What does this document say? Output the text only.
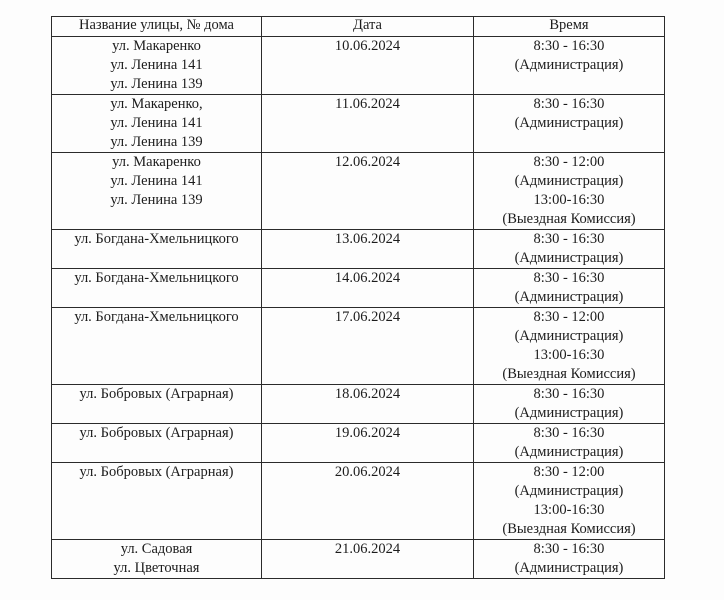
Название улицы, № дома	Дата	Время

ул. Макаренко
ул. Ленина 141
ул. Ленина 139	10.06.2024	8:30 - 16:30
(Администрация)

ул. Макаренко,
ул. Ленина 141
ул. Ленина 139	11.06.2024	8:30 - 16:30
(Администрация)

ул. Макаренко
ул. Ленина 141
ул. Ленина 139	12.06.2024	8:30 - 12:00
(Администрация)
13:00-16:30
(Выездная Комиссия)

ул. Богдана-Хмельницкого	13.06.2024	8:30 - 16:30
(Администрация)

ул. Богдана-Хмельницкого	14.06.2024	8:30 - 16:30
(Администрация)

ул. Богдана-Хмельницкого	17.06.2024	8:30 - 12:00
(Администрация)
13:00-16:30
(Выездная Комиссия)

ул. Бобровых (Аграрная)	18.06.2024	8:30 - 16:30
(Администрация)

ул. Бобровых (Аграрная)	19.06.2024	8:30 - 16:30
(Администрация)

ул. Бобровых (Аграрная)	20.06.2024	8:30 - 12:00
(Администрация)
13:00-16:30
(Выездная Комиссия)

ул. Садовая
ул. Цветочная	21.06.2024	8:30 - 16:30
(Администрация)
